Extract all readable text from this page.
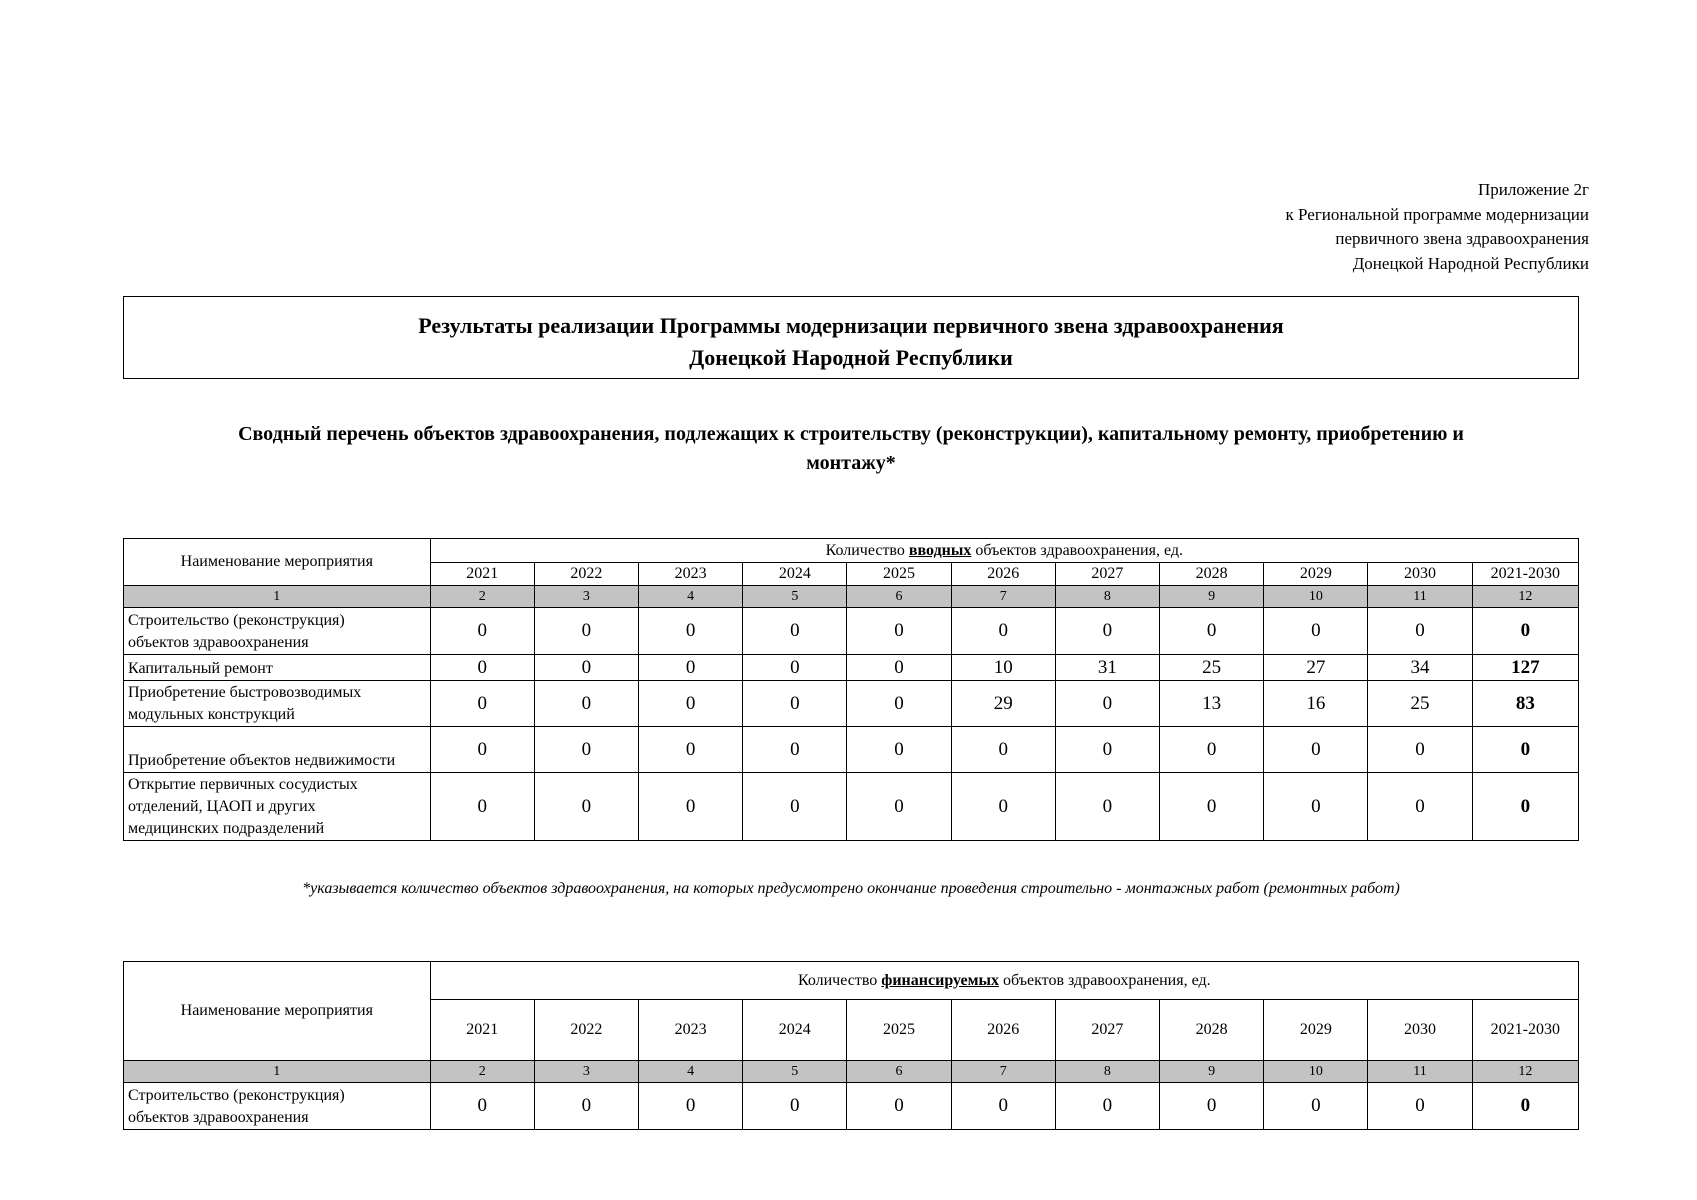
Приложение 2г
к Региональной программе модернизации
первичного звена здравоохранения
Донецкой Народной Республики
Результаты реализации Программы модернизации первичного звена здравоохранения
Донецкой Народной Республики
Сводный перечень объектов здравоохранения, подлежащих к строительству (реконструкции), капитальному ремонту, приобретению и
монтажу*
Наименование мероприятия	Количество вводных объектов здравоохранения, ед.										
	2021	2022	2023	2024	2025	2026	2027	2028	2029	2030	2021-2030
1	2	3	4	5	6	7	8	9	10	11	12

Строительство (реконструкция)
объектов здравоохранения	0	0	0	0	0	0	0	0	0	0	0

Капитальный ремонт	0	0	0	0	0	10	31	25	27	34	127

Приобретение быстровозводимых
модульных конструкций	0	0	0	0	0	29	0	13	16	25	83

Приобретение объектов недвижимости	0	0	0	0	0	0	0	0	0	0	0

Открытие первичных сосудистых
отделений, ЦАОП и других
медицинских подразделений	0	0	0	0	0	0	0	0	0	0	0
*указывается количество объектов здравоохранения, на которых предусмотрено окончание проведения строительно - монтажных работ (ремонтных работ)
Наименование мероприятия	Количество финансируемых объектов здравоохранения, ед.										
	2021	2022	2023	2024	2025	2026	2027	2028	2029	2030	2021-2030
1	2	3	4	5	6	7	8	9	10	11	12

Строительство (реконструкция)
объектов здравоохранения	0	0	0	0	0	0	0	0	0	0	0
